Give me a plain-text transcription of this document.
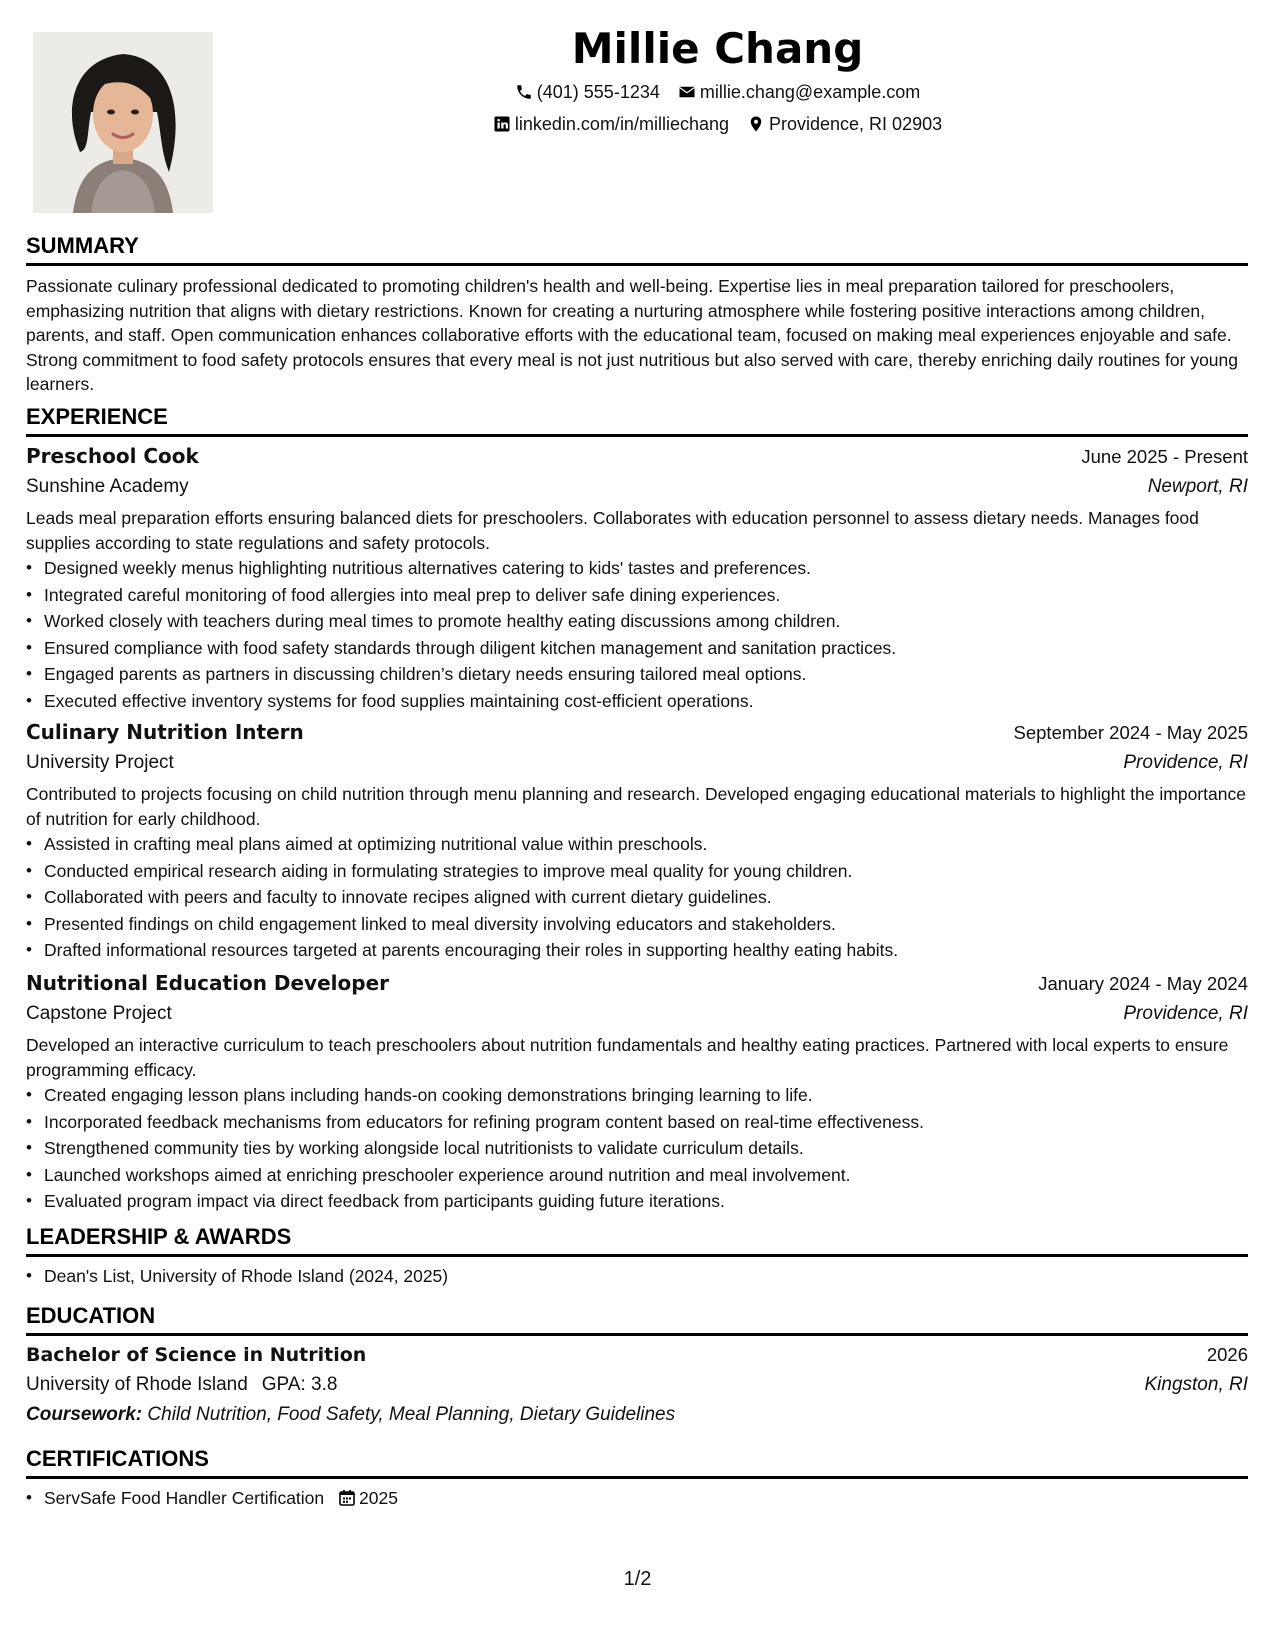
Millie Chang
(401) 555-1234 millie.chang@example.com
linkedin.com/in/milliechang Providence, RI 02903
SUMMARY

Passionate culinary professional dedicated to promoting children's health and well-being. Expertise lies in meal preparation tailored for preschoolers, emphasizing nutrition that aligns with dietary restrictions. Known for creating a nurturing atmosphere while fostering positive interactions among children, parents, and staff. Open communication enhances collaborative efforts with the educational team, focused on making meal experiences enjoyable and safe. Strong commitment to food safety protocols ensures that every meal is not just nutritious but also served with care, thereby enriching daily routines for young learners.

EXPERIENCE
Preschool Cook	June 2025 - Present
Sunshine Academy	Newport, RI
Leads meal preparation efforts ensuring balanced diets for preschoolers. Collaborates with education personnel to assess dietary needs. Manages food supplies according to state regulations and safety protocols.
• Designed weekly menus highlighting nutritious alternatives catering to kids' tastes and preferences.
• Integrated careful monitoring of food allergies into meal prep to deliver safe dining experiences.
• Worked closely with teachers during meal times to promote healthy eating discussions among children.
• Ensured compliance with food safety standards through diligent kitchen management and sanitation practices.
• Engaged parents as partners in discussing children’s dietary needs ensuring tailored meal options.
• Executed effective inventory systems for food supplies maintaining cost-efficient operations.
Culinary Nutrition Intern	September 2024 - May 2025
University Project	Providence, RI
Contributed to projects focusing on child nutrition through menu planning and research. Developed engaging educational materials to highlight the importance of nutrition for early childhood.
• Assisted in crafting meal plans aimed at optimizing nutritional value within preschools.
• Conducted empirical research aiding in formulating strategies to improve meal quality for young children.
• Collaborated with peers and faculty to innovate recipes aligned with current dietary guidelines.
• Presented findings on child engagement linked to meal diversity involving educators and stakeholders.
• Drafted informational resources targeted at parents encouraging their roles in supporting healthy eating habits.
Nutritional Education Developer	January 2024 - May 2024
Capstone Project	Providence, RI
Developed an interactive curriculum to teach preschoolers about nutrition fundamentals and healthy eating practices. Partnered with local experts to ensure programming efficacy.
• Created engaging lesson plans including hands-on cooking demonstrations bringing learning to life.
• Incorporated feedback mechanisms from educators for refining program content based on real-time effectiveness.
• Strengthened community ties by working alongside local nutritionists to validate curriculum details.
• Launched workshops aimed at enriching preschooler experience around nutrition and meal involvement.
• Evaluated program impact via direct feedback from participants guiding future iterations.
LEADERSHIP & AWARDS
• Dean's List, University of Rhode Island (2024, 2025)
EDUCATION
Bachelor of Science in Nutrition	2026
University of Rhode Island GPA: 3.8	Kingston, RI
Coursework: Child Nutrition, Food Safety, Meal Planning, Dietary Guidelines
CERTIFICATIONS
• ServSafe Food Handler Certification 2025
1/2
